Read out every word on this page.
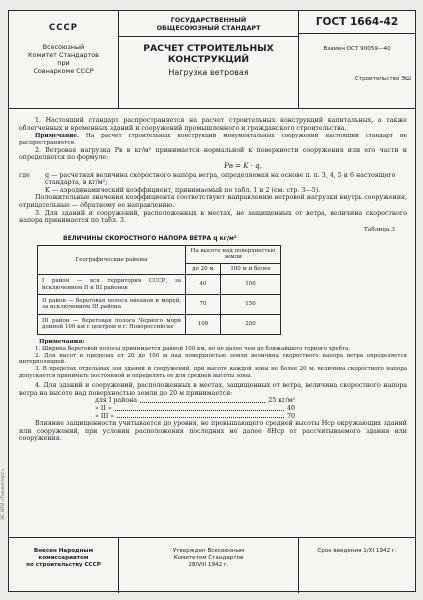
СССР
Всесоюзный
Комитет Стандартов
при
Совнаркоме СССР
ГОСУДАРСТВЕННЫЙ
ОБЩЕСОЮЗНЫЙ СТАНДАРТ
РАСЧЕТ СТРОИТЕЛЬНЫХ
КОНСТРУКЦИЙ
Нагрузка ветровая
ГОСТ 1664-42
Взамен ОСТ 90059—40
Строительство ЭШ

1. Настоящий стандарт распространяется на расчет строительных конструкций капитальных, а также облегченных и временных зданий и сооружений промышленного и гражданского строительства.

Примечание. На расчет строительных конструкций монументальных сооружений настоящий стандарт не распространяется.

2. Ветровая нагрузка Pв в кг/м² принимается нормальной к поверхности сооружения или его части и определяется по формуле:

Pв = K · q,
где	q — расчетная величина скоростного напора ветра, определяемая на основе п. п. 3, 4, 5 и 6 настоящего стандарта, в кг/м²;
K — аэродинамический коэффициент, принимаемый по табл. 1 и 2 (см. стр. 3—5).

Положительные значения коэффициента соответствуют направлению ветровой нагрузки внутрь сооружения, отрицательные — обратному ее направлению.

3. Для зданий и сооружений, расположенных в местах, не защищенных от ветра, величина скоростного напора принимается по табл. 3.

Таблица 3
ВЕЛИЧИНЫ СКОРОСТНОГО НАПОРА ВЕТРА q кг/м²
Географические районы	На высоте над поверхностью земли	
	до 20 м	100 м и более
I район — вся территория СССР, за исключением II и III районов	40	100
II район — береговая полоса океанов и морей, за исключением III района	70	150
III район — береговая полоса Черного моря длиной 100 км с центром в г. Новороссийске	100	200
Примечания:

1. Ширина береговой полосы принимается равной 100 км, но не далее чем до ближайшего горного хребта.

2. Для высот в пределах от 20 до 100 м над поверхностью земли величина скоростного напора ветра определяется интерполяцией.

3. В пределах отдельных зон зданий и сооружений, при высоте каждой зоны не более 20 м, величина скоростного напора допускается принимать постоянной и определять ее для средней высоты зоны.

4. Для зданий и сооружений, расположенных в местах, защищенных от ветра, величина скоростного напора ветра на высоте над поверхностью земли до 20 м принимается:

для I района	25 кг/м²
» II »	40
» III »	70

Влияние защищенности учитывается до уровня, не превышающего средней высоты Hср окружающих зданий или сооружений, при условии расположения последних не далее 8Hср от рассчитываемого здания или сооружения.

Внесен Народным комиссариатом
по строительству СССР
Утвержден Всесоюзным
Комитетом Стандартов
28/VIII 1942 г.
Срок введения 1/XI 1942 г.
ЭС НТИ «Техэксперт»
